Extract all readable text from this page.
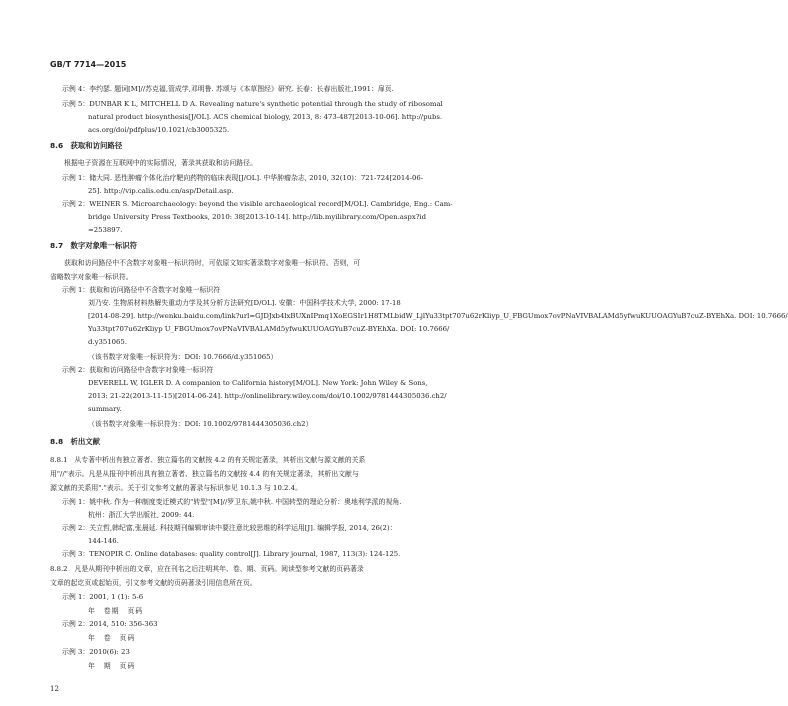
GB/T 7714—2015
示例 4：李约瑟. 题词[M]//苏克福,管成学,邓明鲁. 苏颂与《本草图经》研究. 长春：长春出版社,1991：扉页.
示例 5：DUNBAR K L, MITCHELL D A. Revealing nature's synthetic potential through the study of ribosomal
natural product biosynthesis[J/OL]. ACS chemical biology, 2013, 8: 473-487[2013-10-06]. http://pubs.
acs.org/doi/pdfplus/10.1021/cb3005325.
8.6　获取和访问路径
根据电子资源在互联网中的实际情况，著录其获取和访问路径。
示例 1：储大同. 恶性肿瘤个体化治疗靶向药物的临床表现[J/OL]. 中华肿瘤杂志, 2010, 32(10)：721-724[2014-06-
25]. http://vip.calis.edu.cn/asp/Detail.asp.
示例 2：WEINER S. Microarchaeology: beyond the visible archaeological record[M/OL]. Cambridge, Eng.: Cam-
bridge University Press Textbooks, 2010: 38[2013-10-14]. http://lib.myilibrary.com/Open.aspx?id
=253897.
8.7　数字对象唯一标识符
获取和访问路径中不含数字对象唯一标识符时，可依原文如实著录数字对象唯一标识符。否则，可
省略数字对象唯一标识符。
示例 1：获取和访问路径中不含数字对象唯一标识符
刘乃安. 生物质材料热解失重动力学及其分析方法研究[D/OL]. 安徽：中国科学技术大学, 2000: 17-18
[2014-08-29]. http://wenku.baidu.com/link?url=GJDJxb4lxBUXnIPmq1XoEGSIr1H8TMLbidW_LjlYu33tpt707u62rKliyp_U_FBGUmox7ovPNaVIVBALAMd5yfwuKUUOAGYuB7cuZ-BYEhXa. DOI: 10.7666/
Yu33tpt707u62rKliyp U_FBGUmox7ovPNaVIVBALAMd5yfwuKUUOAGYuB7cuZ-BYEhXa. DOI: 10.7666/
d.y351065.
（该书数字对象唯一标识符为：DOI: 10.7666/d.y351065）
示例 2：获取和访问路径中含数字对象唯一标识符
DEVERELL W, IGLER D. A companion to California history[M/OL]. New York: John Wiley & Sons,
2013: 21-22(2013-11-15)[2014-06-24]. http://onlinelibrary.wiley.com/doi/10.1002/9781444305036.ch2/
summary.
（该书数字对象唯一标识符为：DOI: 10.1002/9781444305036.ch2）
8.8　析出文献
8.8.1　从专著中析出有独立著者、独立篇名的文献按 4.2 的有关规定著录，其析出文献与源文献的关系
用"//"表示。凡是从报刊中析出具有独立著者、独立篇名的文献按 4.4 的有关规定著录，其析出文献与
源文献的关系用"."表示。关于引文参考文献的著录与标识参见 10.1.3 与 10.2.4。
示例 1：姚中秋. 作为一种制度变迁模式的"转型"[M]//罗卫东,姚中秋. 中国转型的理论分析：奥地利学派的视角.
杭州：浙江大学出版社, 2009: 44.
示例 2：关立哲,韩纪富,张晨延. 科技期刊编辑审读中要注意比较思维的科学运用[J]. 编辑学报, 2014, 26(2)：
144-146.
示例 3：TENOPIR C. Online databases: quality control[J]. Library journal, 1987, 113(3): 124-125.
8.8.2　凡是从期刊中析出的文章，应在刊名之后注明其年、卷、期、页码。阅读型参考文献的页码著录
文章的起讫页或起始页，引文参考文献的页码著录引用信息所在页。
示例 1：2001, 1 (1): 5-6
年　卷期　页码
示例 2：2014, 510: 356-363
年　卷　页码
示例 3：2010(6): 23
年　期　页码
12
